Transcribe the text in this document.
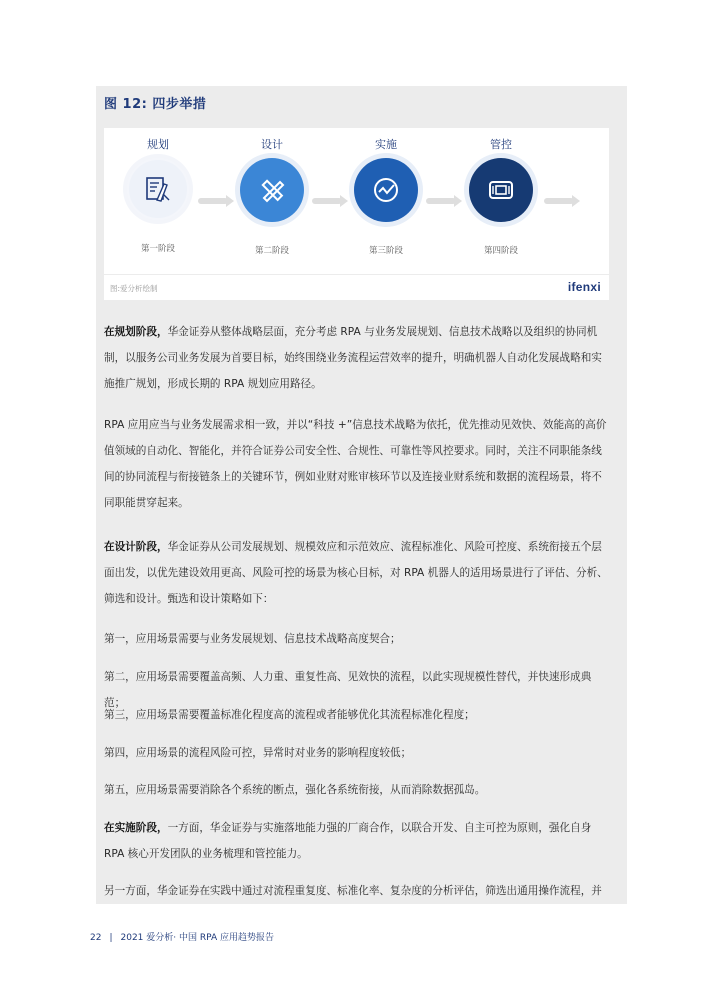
图 12: 四步举措
规划
第一阶段
设计
第二阶段
实施
第三阶段
管控
第四阶段
图:爱分析绘制	ifenxi
在规划阶段，华金证券从整体战略层面，充分考虑 RPA 与业务发展规划、信息技术战略以及组织的协同机制，以服务公司业务发展为首要目标，始终围绕业务流程运营效率的提升，明确机器人自动化发展战略和实施推广规划，形成长期的 RPA 规划应用路径。
RPA 应用应当与业务发展需求相一致，并以“科技 +”信息技术战略为依托，优先推动见效快、效能高的高价值领域的自动化、智能化，并符合证券公司安全性、合规性、可靠性等风控要求。同时，关注不同职能条线间的协同流程与衔接链条上的关键环节，例如业财对账审核环节以及连接业财系统和数据的流程场景，将不同职能贯穿起来。
在设计阶段，华金证券从公司发展规划、规模效应和示范效应、流程标准化、风险可控度、系统衔接五个层面出发，以优先建设效用更高、风险可控的场景为核心目标，对 RPA 机器人的适用场景进行了评估、分析、筛选和设计。甄选和设计策略如下：
第一，应用场景需要与业务发展规划、信息技术战略高度契合；
第二，应用场景需要覆盖高频、人力重、重复性高、见效快的流程，以此实现规模性替代，并快速形成典范；
第三，应用场景需要覆盖标准化程度高的流程或者能够优化其流程标准化程度；
第四，应用场景的流程风险可控，异常时对业务的影响程度较低；
第五，应用场景需要消除各个系统的断点，强化各系统衔接，从而消除数据孤岛。
在实施阶段，一方面，华金证券与实施落地能力强的厂商合作，以联合开发、自主可控为原则，强化自身 RPA 核心开发团队的业务梳理和管控能力。
另一方面，华金证券在实践中通过对流程重复度、标准化率、复杂度的分析评估，筛选出通用操作流程，并
22 | 2021 爱分析· 中国 RPA 应用趋势报告
